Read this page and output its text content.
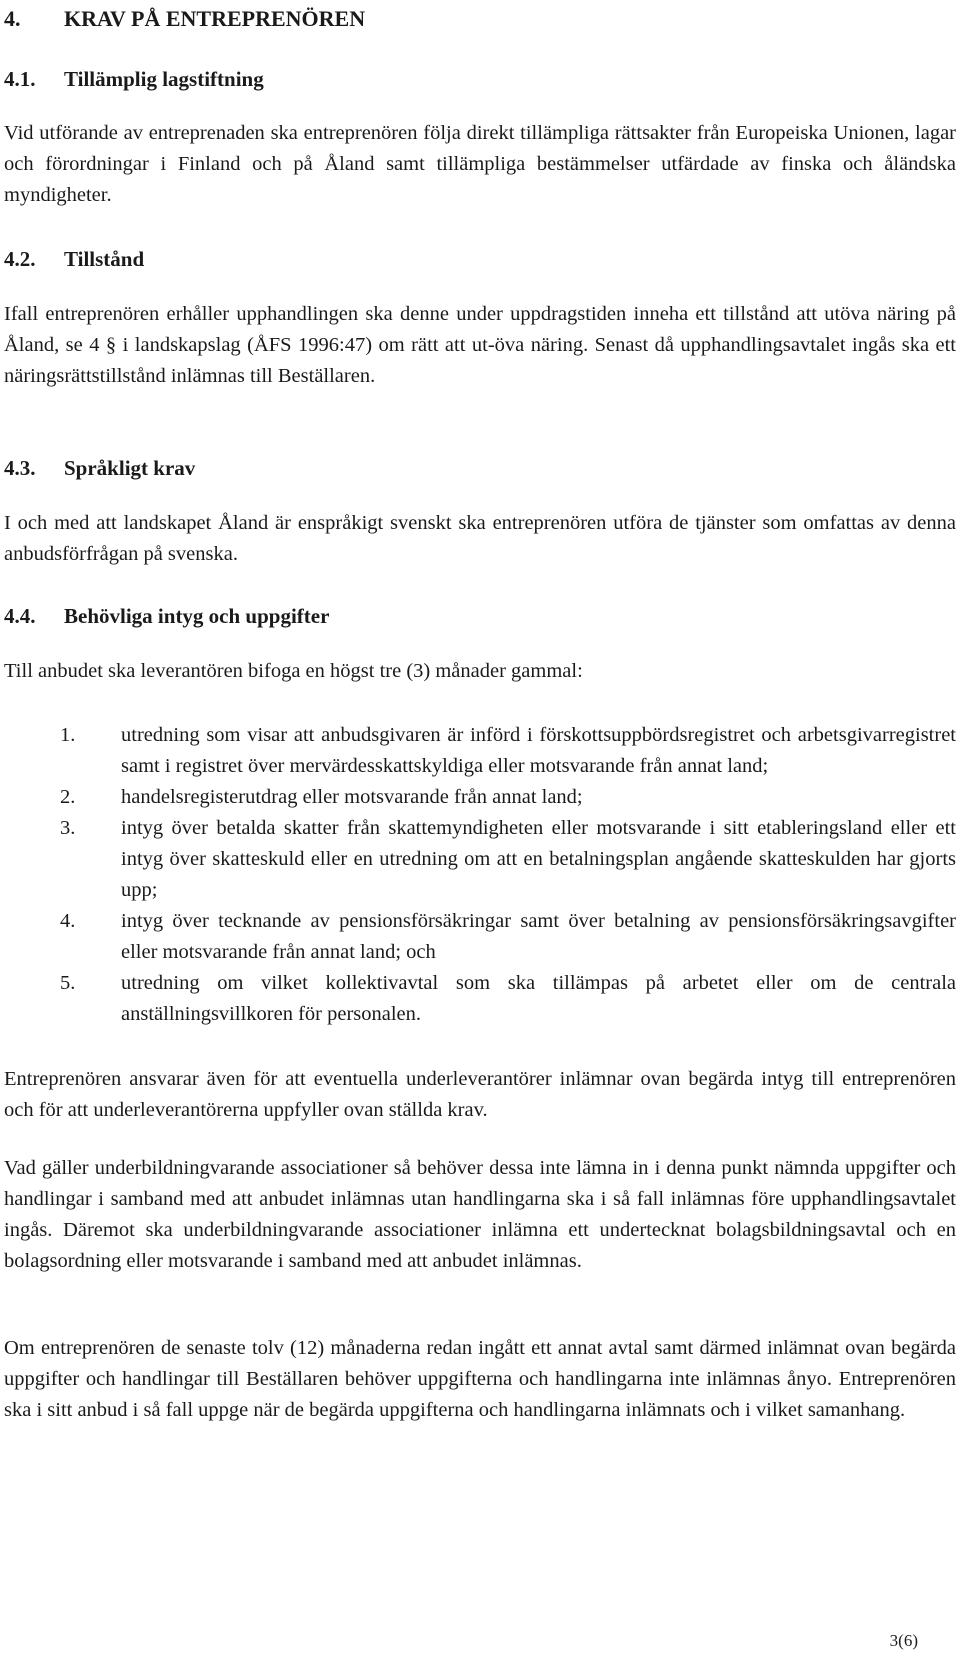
4. KRAV PÅ ENTREPRENÖREN
4.1. Tillämplig lagstiftning
Vid utförande av entreprenaden ska entreprenören följa direkt tillämpliga rättsakter från Europeiska Unionen, lagar och förordningar i Finland och på Åland samt tillämpliga bestämmelser utfärdade av finska och åländska myndigheter.
4.2. Tillstånd
Ifall entreprenören erhåller upphandlingen ska denne under uppdragstiden inneha ett tillstånd att utöva näring på Åland, se 4 § i landskapslag (ÅFS 1996:47) om rätt att ut-öva näring. Senast då upphandlingsavtalet ingås ska ett näringsrättstillstånd inlämnas till Beställaren.
4.3. Språkligt krav
I och med att landskapet Åland är enspråkigt svenskt ska entreprenören utföra de tjänster som omfattas av denna anbudsförfrågan på svenska.
4.4. Behövliga intyg och uppgifter
Till anbudet ska leverantören bifoga en högst tre (3) månader gammal:
1. utredning som visar att anbudsgivaren är införd i förskottsuppbördsregistret och arbetsgivarregistret samt i registret över mervärdesskattskyldiga eller motsvarande från annat land;
2. handelsregisterutdrag eller motsvarande från annat land;
3. intyg över betalda skatter från skattemyndigheten eller motsvarande i sitt etableringsland eller ett intyg över skatteskuld eller en utredning om att en betalningsplan angående skatteskulden har gjorts upp;
4. intyg över tecknande av pensionsförsäkringar samt över betalning av pensionsförsäkringsavgifter eller motsvarande från annat land; och
5. utredning om vilket kollektivavtal som ska tillämpas på arbetet eller om de centrala anställningsvillkoren för personalen.
Entreprenören ansvarar även för att eventuella underleverantörer inlämnar ovan begärda intyg till entreprenören och för att underleverantörerna uppfyller ovan ställda krav.
Vad gäller underbildningvarande associationer så behöver dessa inte lämna in i denna punkt nämnda uppgifter och handlingar i samband med att anbudet inlämnas utan handlingarna ska i så fall inlämnas före upphandlingsavtalet ingås. Däremot ska underbildningvarande associationer inlämna ett undertecknat bolagsbildningsavtal och en bolagsordning eller motsvarande i samband med att anbudet inlämnas.
Om entreprenören de senaste tolv (12) månaderna redan ingått ett annat avtal samt därmed inlämnat ovan begärda uppgifter och handlingar till Beställaren behöver uppgifterna och handlingarna inte inlämnas ånyo. Entreprenören ska i sitt anbud i så fall uppge när de begärda uppgifterna och handlingarna inlämnats och i vilket samanhang.
3(6)
